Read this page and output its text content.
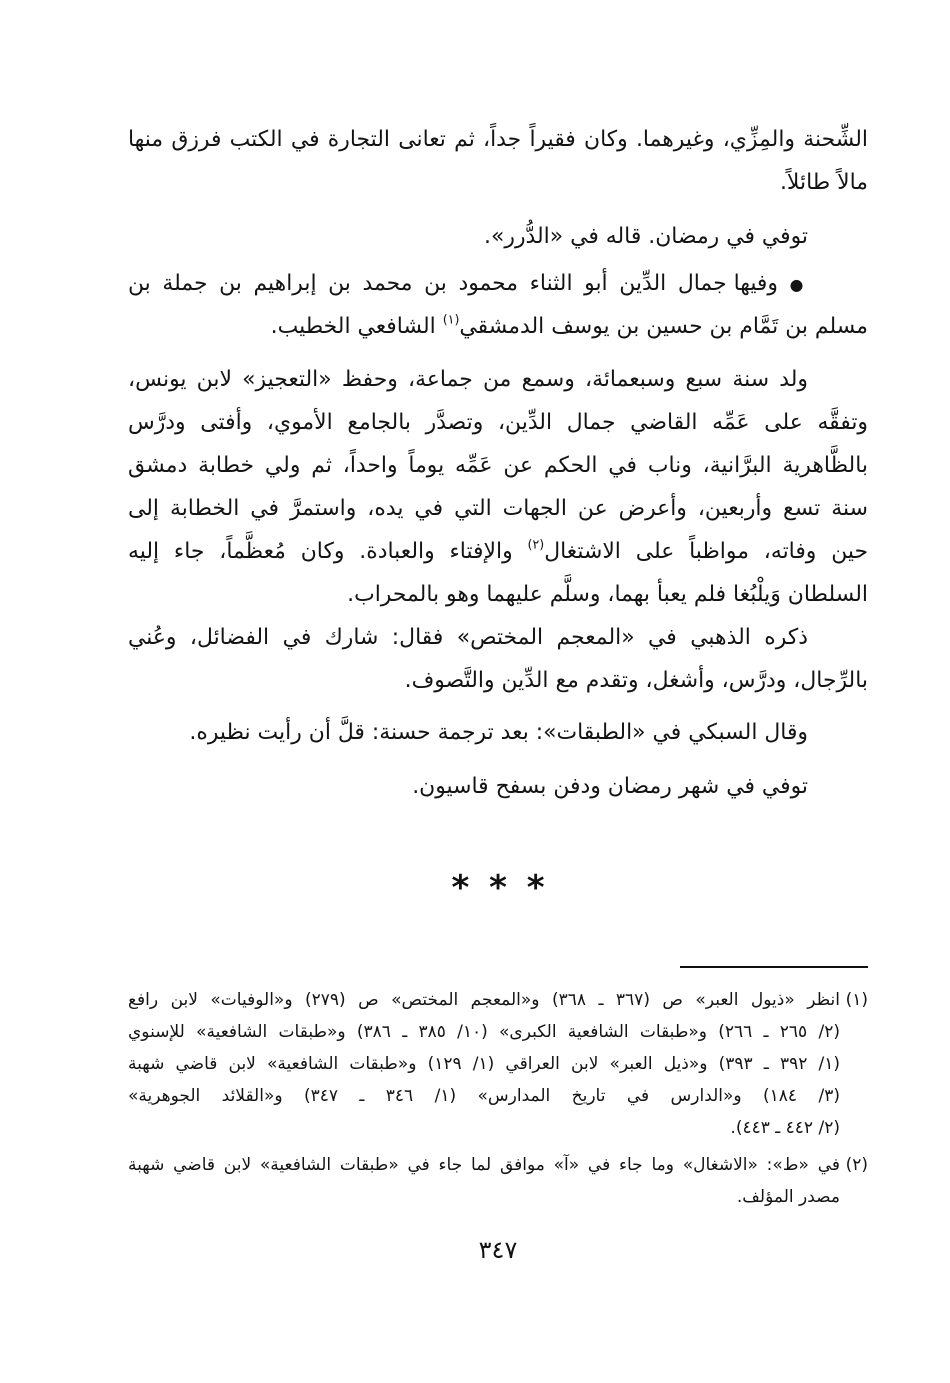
الشِّحنة والمِزِّي، وغيرهما. وكان فقيراً جداً، ثم تعانى التجارة في الكتب فرزق منها
مالاً طائلاً.
توفي في رمضان. قاله في «الدُّرر».
● وفيها جمال الدِّين أبو الثناء محمود بن محمد بن إبراهيم بن جملة بن
مسلم بن تَمَّام بن حسين بن يوسف الدمشقي$^{(١)}$ الشافعي الخطيب.
ولد سنة سبع وسبعمائة، وسمع من جماعة، وحفظ «التعجيز» لابن يونس،
وتفقَّه على عَمِّه القاضي جمال الدِّين، وتصدَّر بالجامع الأموي، وأفتى ودرَّس
بالظَّاهرية البرَّانية، وناب في الحكم عن عَمِّه يوماً واحداً، ثم ولي خطابة دمشق
سنة تسع وأربعين، وأعرض عن الجهات التي في يده، واستمرَّ في الخطابة إلى
حين وفاته، مواظباً على الاشتغال$^{(٢)}$ والإفتاء والعبادة. وكان مُعظَّماً، جاء إليه
السلطان وَيلْبُغا فلم يعبأ بهما، وسلَّم عليهما وهو بالمحراب.
ذكره الذهبي في «المعجم المختص» فقال: شارك في الفضائل، وعُني
بالرِّجال، ودرَّس، وأشغل، وتقدم مع الدِّين والتَّصوف.
وقال السبكي في «الطبقات»: بعد ترجمة حسنة: قلَّ أن رأيت نظيره.
توفي في شهر رمضان ودفن بسفح قاسيون.
* * *
(١)
انظر «ذيول العبر» ص (٣٦٧ ـ ٣٦٨) و«المعجم المختص» ص (٢٧٩) و«الوفيات» لابن رافع
(٢/ ٢٦٥ ـ ٢٦٦) و«طبقات الشافعية الكبرى» (١٠/ ٣٨٥ ـ ٣٨٦) و«طبقات الشافعية» للإسنوي
(١/ ٣٩٢ ـ ٣٩٣) و«ذيل العبر» لابن العراقي (١/ ١٢٩) و«طبقات الشافعية» لابن قاضي شهبة
(٣/ ١٨٤) و«الدارس في تاريخ المدارس» (١/ ٣٤٦ ـ ٣٤٧) و«القلائد الجوهرية»
(٢/ ٤٤٢ ـ ٤٤٣).
(٢)
في «ط»: «الاشغال» وما جاء في «آ» موافق لما جاء في «طبقات الشافعية» لابن قاضي شهبة
مصدر المؤلف.
٣٤٧
